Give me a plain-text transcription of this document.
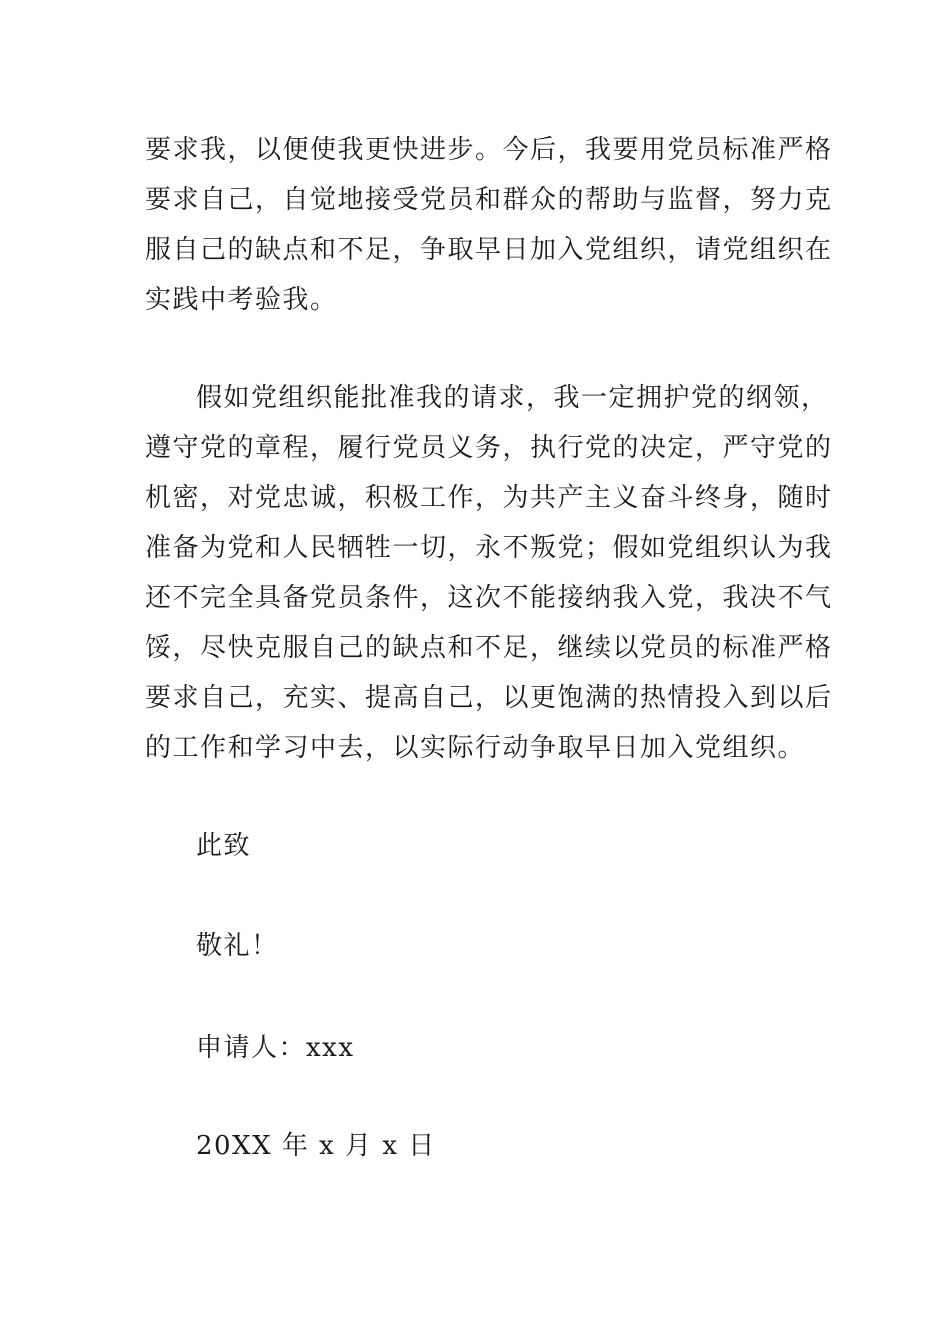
要求我，以便使我更快进步。今后，我要用党员标准严格
要求自己，自觉地接受党员和群众的帮助与监督，努力克
服自己的缺点和不足，争取早日加入党组织，请党组织在
实践中考验我。
假如党组织能批准我的请求，我一定拥护党的纲领，
遵守党的章程，履行党员义务，执行党的决定，严守党的
机密，对党忠诚，积极工作，为共产主义奋斗终身，随时
准备为党和人民牺牲一切，永不叛党；假如党组织认为我
还不完全具备党员条件，这次不能接纳我入党，我决不气
馁，尽快克服自己的缺点和不足，继续以党员的标准严格
要求自己，充实、提高自己，以更饱满的热情投入到以后
的工作和学习中去，以实际行动争取早日加入党组织。
此致
敬礼！
申请人：xxx
20XX 年 x 月 x 日
